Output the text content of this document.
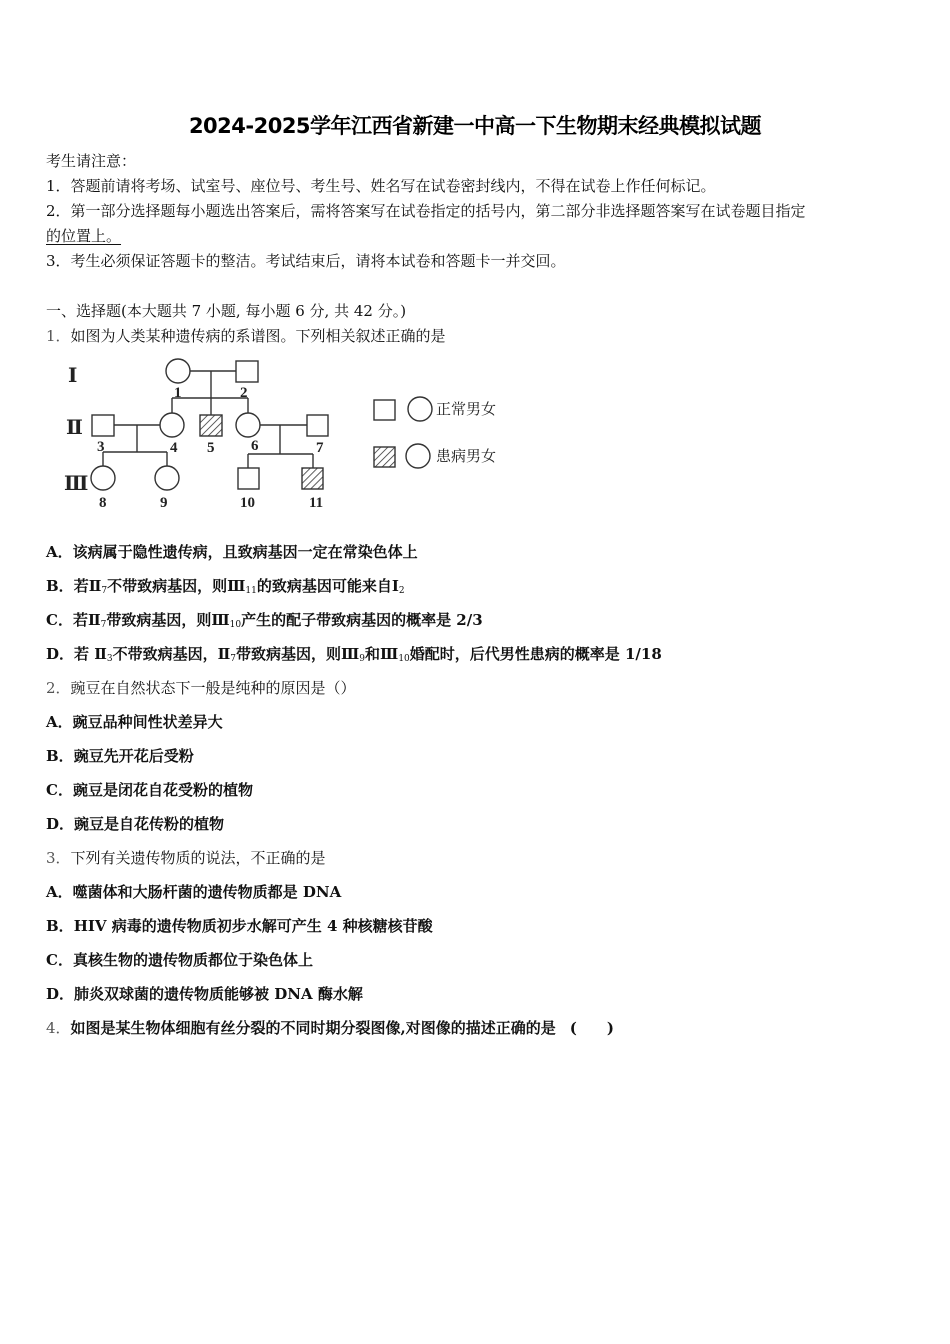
2024-2025学年江西省新建一中高一下生物期末经典模拟试题
考生请注意：
1．答题前请将考场、试室号、座位号、考生号、姓名写在试卷密封线内，不得在试卷上作任何标记。
2．第一部分选择题每小题选出答案后，需将答案写在试卷指定的括号内，第二部分非选择题答案写在试卷题目指定
的位置上。
3．考生必须保证答题卡的整洁。考试结束后，请将本试卷和答题卡一并交回。
一、选择题(本大题共 7 小题, 每小题 6 分, 共 42 分。)
1．如图为人类某种遗传病的系谱图。下列相关叙述正确的是
Ⅰ
Ⅱ
Ⅲ
1	2
3	4 5 6	7
8	9	10	11
正常男女
患病男女
A．该病属于隐性遗传病，且致病基因一定在常染色体上
B．若$Ⅱ_7$不带致病基因，则$Ⅲ_{11}$的致病基因可能来自$Ⅰ_2$
C．若$Ⅱ_7$带致病基因，则$Ⅲ_{10}$产生的配子带致病基因的概率是 2/3
D．若 $Ⅱ_3$不带致病基因，$Ⅱ_7$带致病基因，则$Ⅲ_9$和$Ⅲ_{10}$婚配时，后代男性患病的概率是 1/18
2．豌豆在自然状态下一般是纯种的原因是（）
A．豌豆品种间性状差异大
B．豌豆先开花后受粉
C．豌豆是闭花自花受粉的植物
D．豌豆是自花传粉的植物
3．下列有关遗传物质的说法，不正确的是
A．噬菌体和大肠杆菌的遗传物质都是 DNA
B．HIV 病毒的遗传物质初步水解可产生 4 种核糖核苷酸
C．真核生物的遗传物质都位于染色体上
D．肺炎双球菌的遗传物质能够被 DNA 酶水解
4．如图是某生物体细胞有丝分裂的不同时期分裂图像,对图像的描述正确的是 (　　)
